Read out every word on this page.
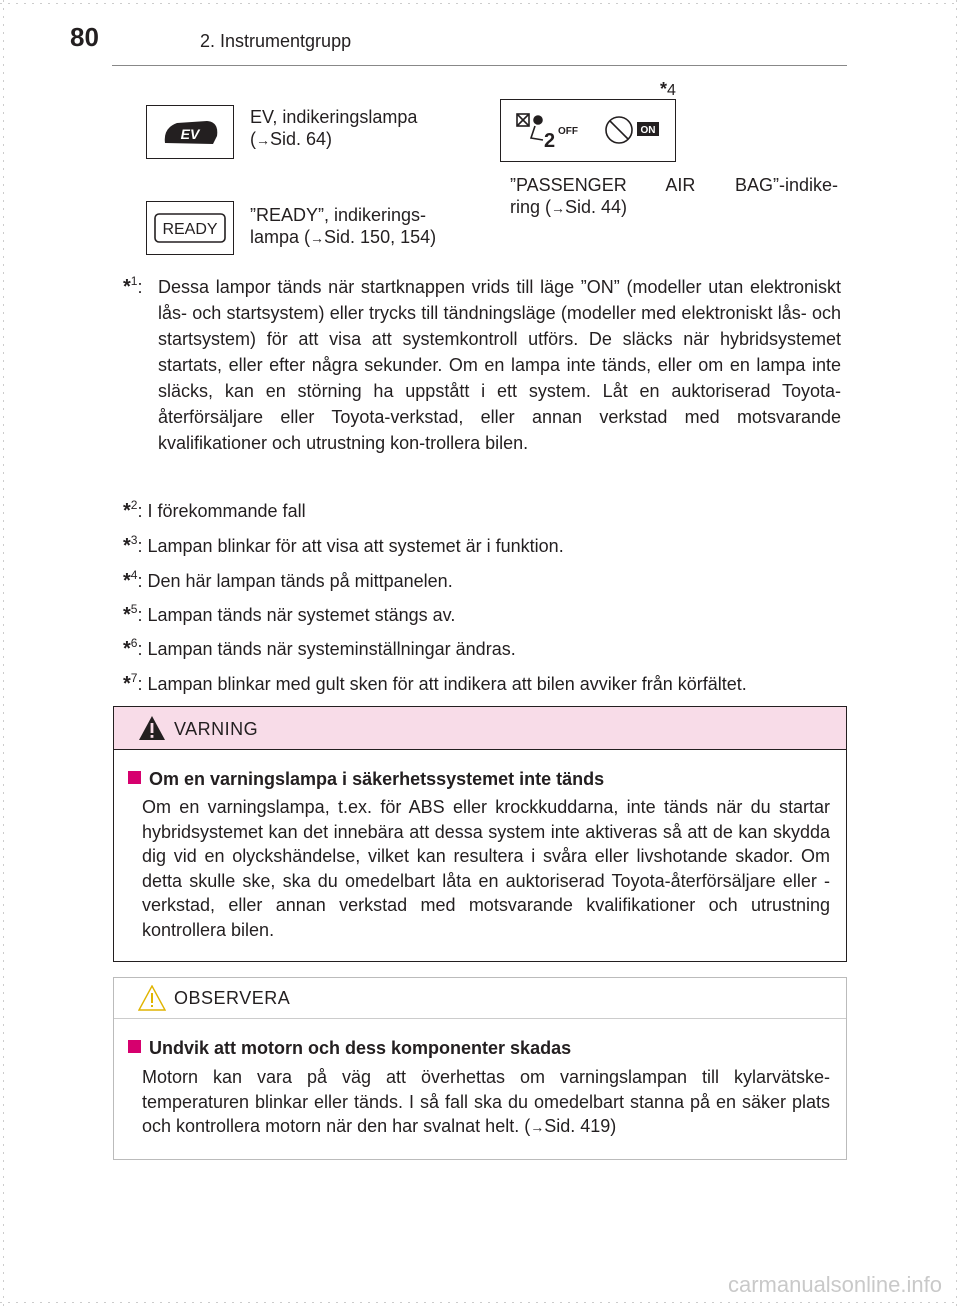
80	2. Instrumentgrupp
EV
EV, indikeringslampa
(→Sid. 64)
READY
”READY”, indikerings-
lampa (→Sid. 150, 154)
*4
2 OFF	ON
”PASSENGER AIR BAG”-indike-
ring (→Sid. 44)
*$^1$: Dessa lampor tänds när startknappen vrids till läge ”ON” (modeller utan elektroniskt lås- och startsystem) eller trycks till tändningsläge (modeller med elektroniskt lås- och startsystem) för att visa att systemkontroll utförs. De släcks när hybridsystemet startats, eller efter några sekunder. Om en lampa inte tänds, eller om en lampa inte släcks, kan en störning ha uppstått i ett system. Låt en auktoriserad Toyota-återförsäljare eller Toyota-verkstad, eller annan verkstad med motsvarande kvalifikationer och utrustning kon-trollera bilen.
*$^2$: I förekommande fall
*$^3$: Lampan blinkar för att visa att systemet är i funktion.
*$^4$: Den här lampan tänds på mittpanelen.
*$^5$: Lampan tänds när systemet stängs av.
*$^6$: Lampan tänds när systeminställningar ändras.
*$^7$: Lampan blinkar med gult sken för att indikera att bilen avviker från körfältet.
VARNING
Om en varningslampa i säkerhetssystemet inte tänds
Om en varningslampa, t.ex. för ABS eller krockkuddarna, inte tänds när du startar hybridsystemet kan det innebära att dessa system inte aktiveras så att de kan skydda dig vid en olyckshändelse, vilket kan resultera i svåra eller livshotande skador. Om detta skulle ske, ska du omedelbart låta en auktoriserad Toyota-återförsäljare eller -verkstad, eller annan verkstad med motsvarande kvalifikationer och utrustning kontrollera bilen.
OBSERVERA
Undvik att motorn och dess komponenter skadas
Motorn kan vara på väg att överhettas om varningslampan till kylarvätske-temperaturen blinkar eller tänds. I så fall ska du omedelbart stanna på en säker plats och kontrollera motorn när den har svalnat helt. (→Sid. 419)
carmanualsonline.info
